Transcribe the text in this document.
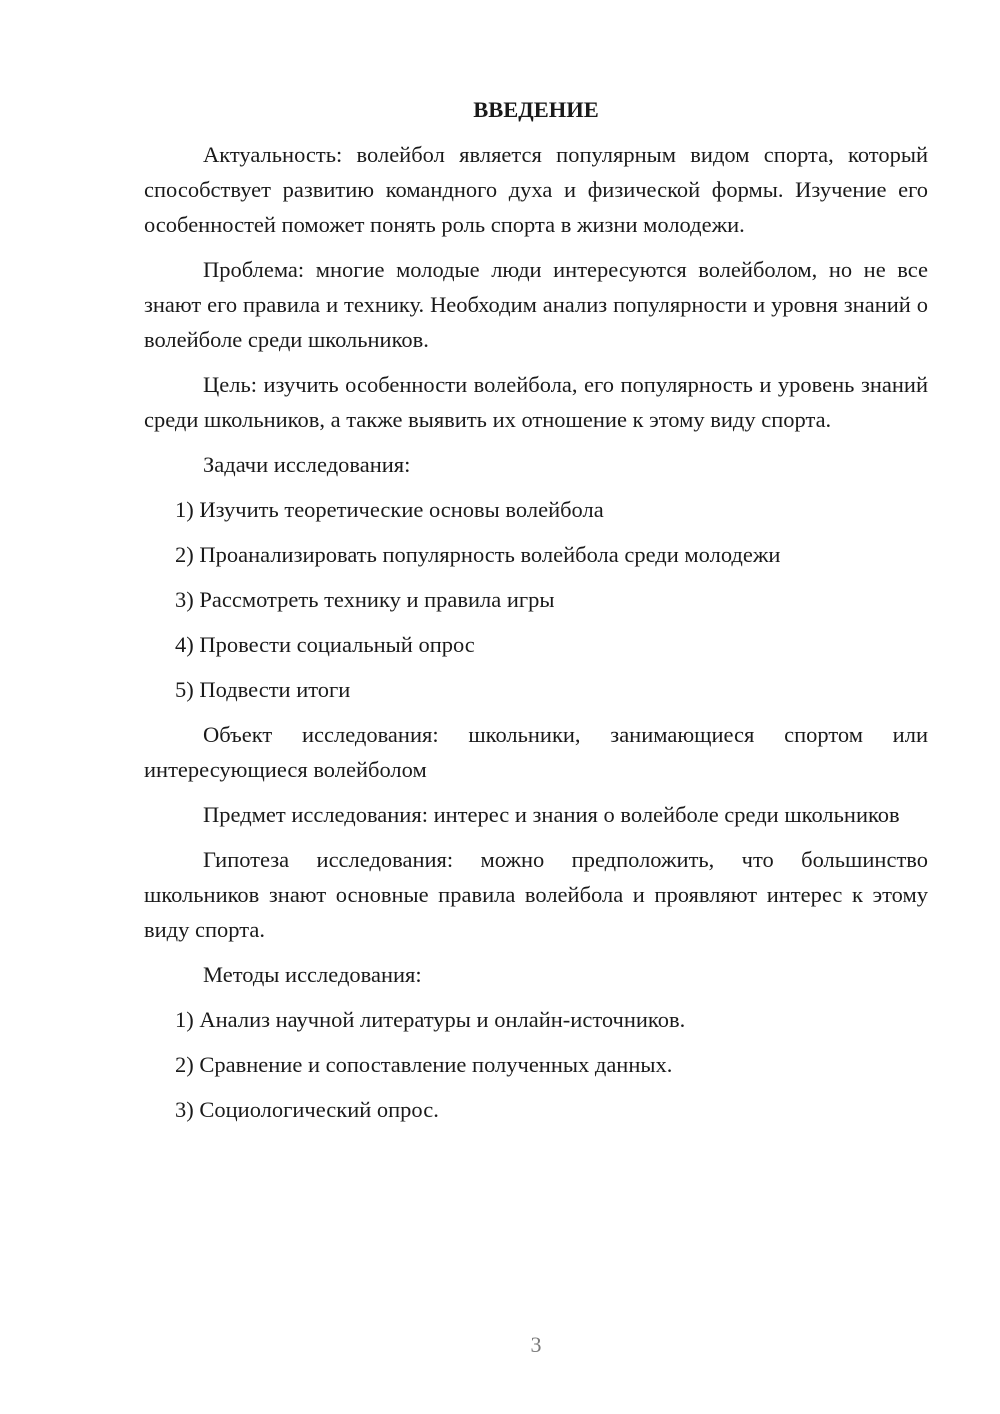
ВВЕДЕНИЕ
Актуальность: волейбол является популярным видом спорта, который способствует развитию командного духа и физической формы. Изучение его особенностей поможет понять роль спорта в жизни молодежи.
Проблема: многие молодые люди интересуются волейболом, но не все знают его правила и технику. Необходим анализ популярности и уровня знаний о волейболе среди школьников.
Цель: изучить особенности волейбола, его популярность и уровень знаний среди школьников, а также выявить их отношение к этому виду спорта.
Задачи исследования:
1) Изучить теоретические основы волейбола
2) Проанализировать популярность волейбола среди молодежи
3) Рассмотреть технику и правила игры
4) Провести социальный опрос
5) Подвести итоги
Объект исследования: школьники, занимающиеся спортом или интересующиеся волейболом
Предмет исследования: интерес и знания о волейболе среди школьников
Гипотеза исследования: можно предположить, что большинство школьников знают основные правила волейбола и проявляют интерес к этому виду спорта.
Методы исследования:
1) Анализ научной литературы и онлайн-источников.
2) Сравнение и сопоставление полученных данных.
3) Социологический опрос.
3
